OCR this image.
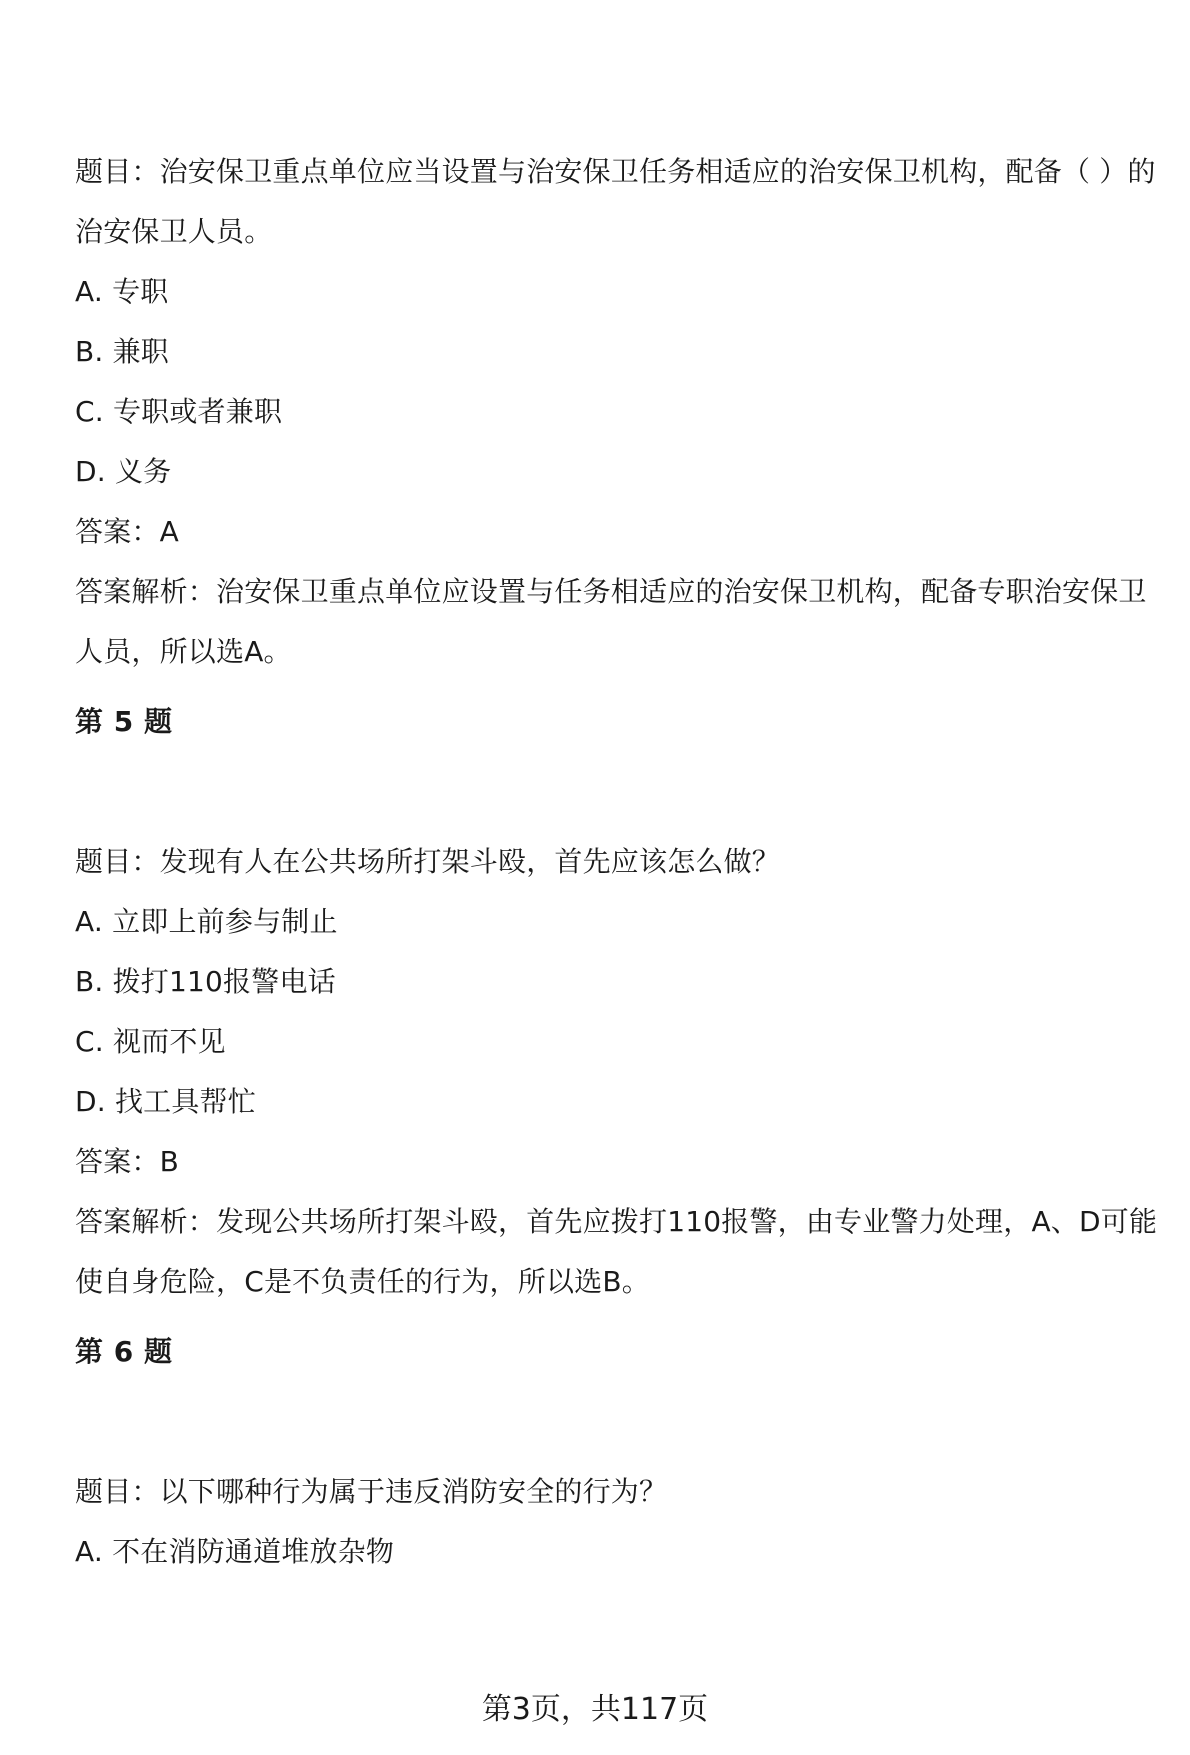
题目：治安保卫重点单位应当设置与治安保卫任务相适应的治安保卫机构，配备（ ）的治安保卫人员。

A. 专职

B. 兼职

C. 专职或者兼职

D. 义务

答案：A

答案解析：治安保卫重点单位应设置与任务相适应的治安保卫机构，配备专职治安保卫人员，所以选A。

第 5 题

题目：发现有人在公共场所打架斗殴，首先应该怎么做？

A. 立即上前参与制止

B. 拨打110报警电话

C. 视而不见

D. 找工具帮忙

答案：B

答案解析：发现公共场所打架斗殴，首先应拨打110报警，由专业警力处理，A、D可能使自身危险，C是不负责任的行为，所以选B。

第 6 题

题目：以下哪种行为属于违反消防安全的行为？

A. 不在消防通道堆放杂物

第3页，共117页
